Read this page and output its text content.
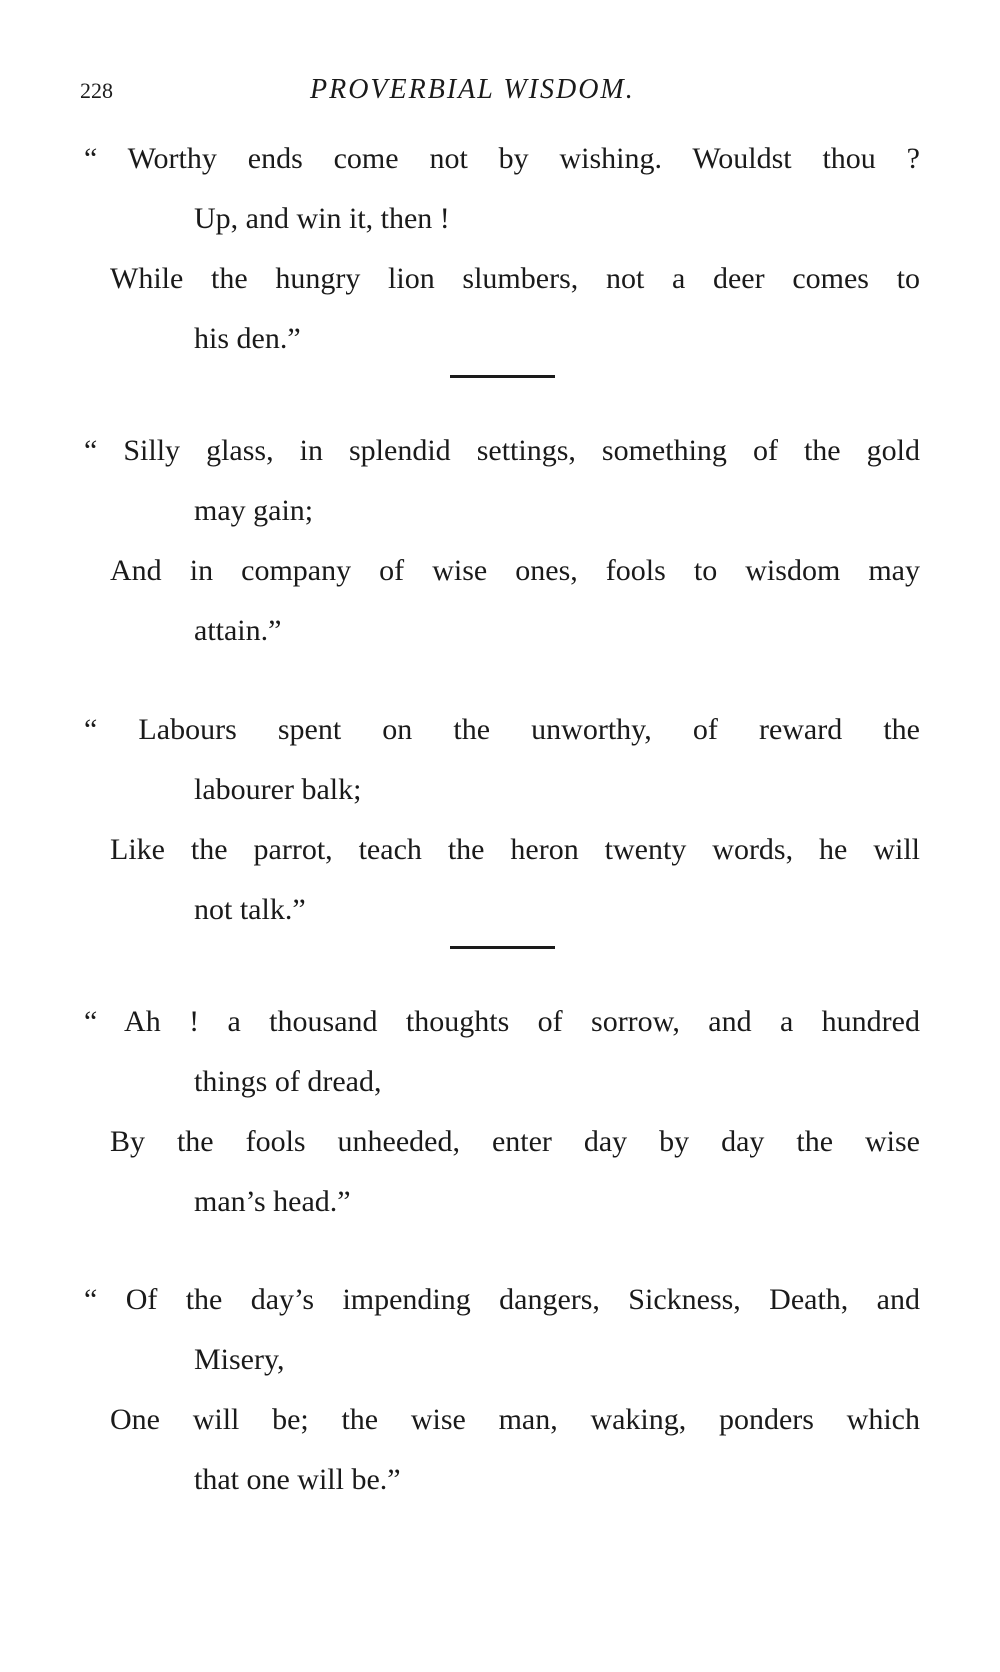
228	PROVERBIAL WISDOM.
“ Worthy ends come not by wishing. Wouldst thou ?
Up, and win it, then !
While the hungry lion slumbers, not a deer comes to
his den.”
“ Silly glass, in splendid settings, something of the gold
may gain;
And in company of wise ones, fools to wisdom may
attain.”
“ Labours spent on the unworthy, of reward the
labourer balk;
Like the parrot, teach the heron twenty words, he will
not talk.”
“ Ah ! a thousand thoughts of sorrow, and a hundred
things of dread,
By the fools unheeded, enter day by day the wise
man’s head.”
“ Of the day’s impending dangers, Sickness, Death, and
Misery,
One will be; the wise man, waking, ponders which
that one will be.”
